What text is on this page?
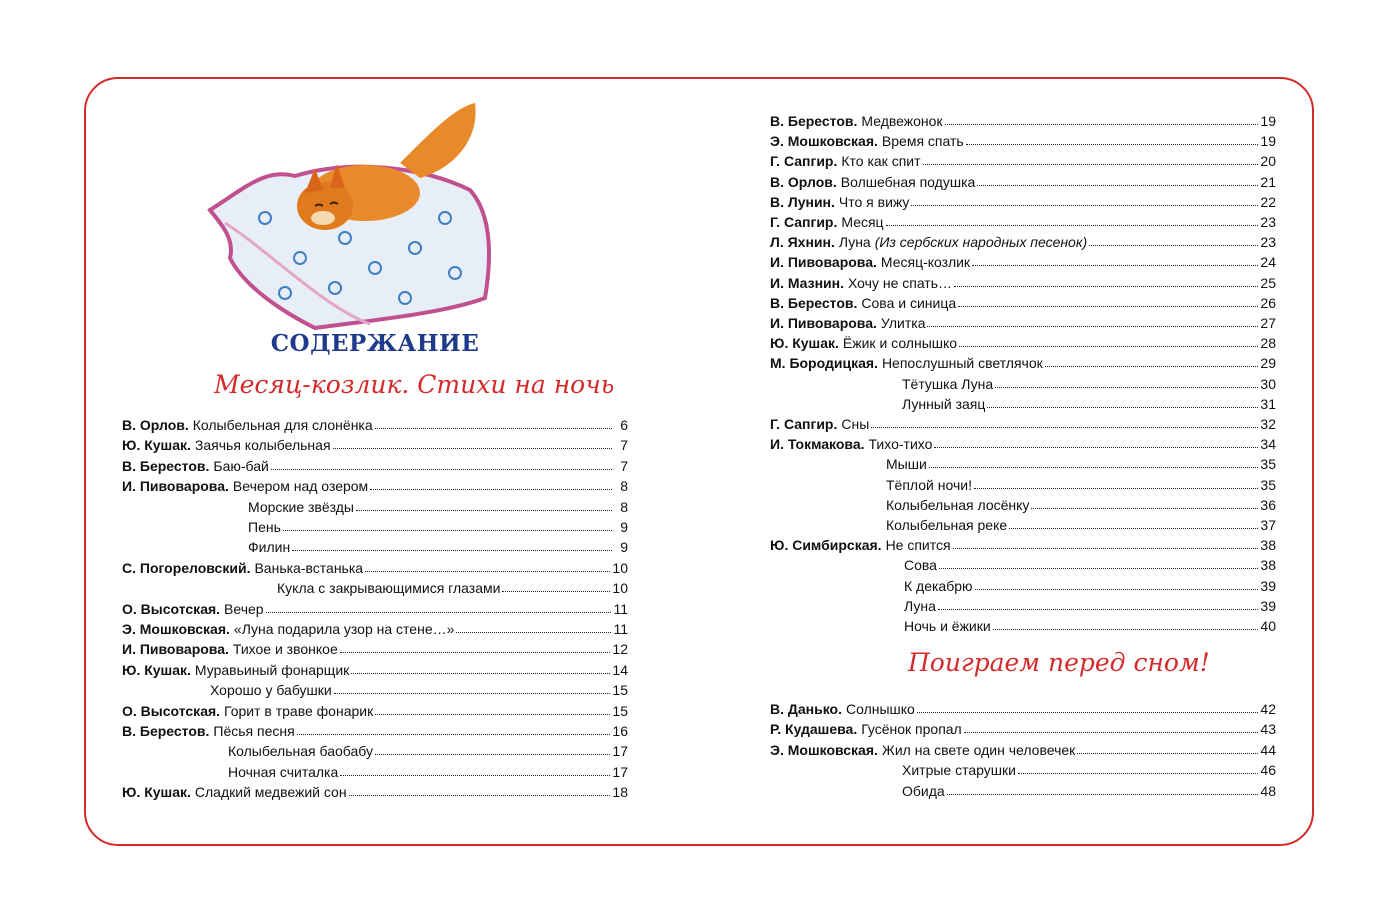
СОДЕРЖАНИЕ
Месяц-козлик. Стихи на ночь
Поиграем перед сном!
В. Орлов. Колыбельная для слонёнка	6
Ю. Кушак. Заячья колыбельная	7
В. Берестов. Баю-бай	7
И. Пивоварова. Вечером над озером	8
Морские звёзды	8
Пень	9
Филин	9
С. Погореловский. Ванька-встанька	10
Кукла с закрывающимися глазами	10
О. Высотская. Вечер	11
Э. Мошковская. «Луна подарила узор на стене…»	11
И. Пивоварова. Тихое и звонкое	12
Ю. Кушак. Муравьиный фонарщик	14
Хорошо у бабушки	15
О. Высотская. Горит в траве фонарик	15
В. Берестов. Пёсья песня	16
Колыбельная баобабу	17
Ночная считалка	17
Ю. Кушак. Сладкий медвежий сон	18
В. Берестов. Медвежонок	19
Э. Мошковская. Время спать	19
Г. Сапгир. Кто как спит	20
В. Орлов. Волшебная подушка	21
В. Лунин. Что я вижу	22
Г. Сапгир. Месяц	23
Л. Яхнин. Луна (Из сербских народных песенок)	23
И. Пивоварова. Месяц-козлик	24
И. Мазнин. Хочу не спать…	25
В. Берестов. Сова и синица	26
И. Пивоварова. Улитка	27
Ю. Кушак. Ёжик и солнышко	28
М. Бородицкая. Непослушный светлячок	29
Тётушка Луна	30
Лунный заяц	31
Г. Сапгир. Сны	32
И. Токмакова. Тихо-тихо	34
Мыши	35
Тёплой ночи!	35
Колыбельная лосёнку	36
Колыбельная реке	37
Ю. Симбирская. Не спится	38
Сова	38
К декабрю	39
Луна	39
Ночь и ёжики	40
В. Данько. Солнышко	42
Р. Кудашева. Гусёнок пропал	43
Э. Мошковская. Жил на свете один человечек	44
Хитрые старушки	46
Обида	48
